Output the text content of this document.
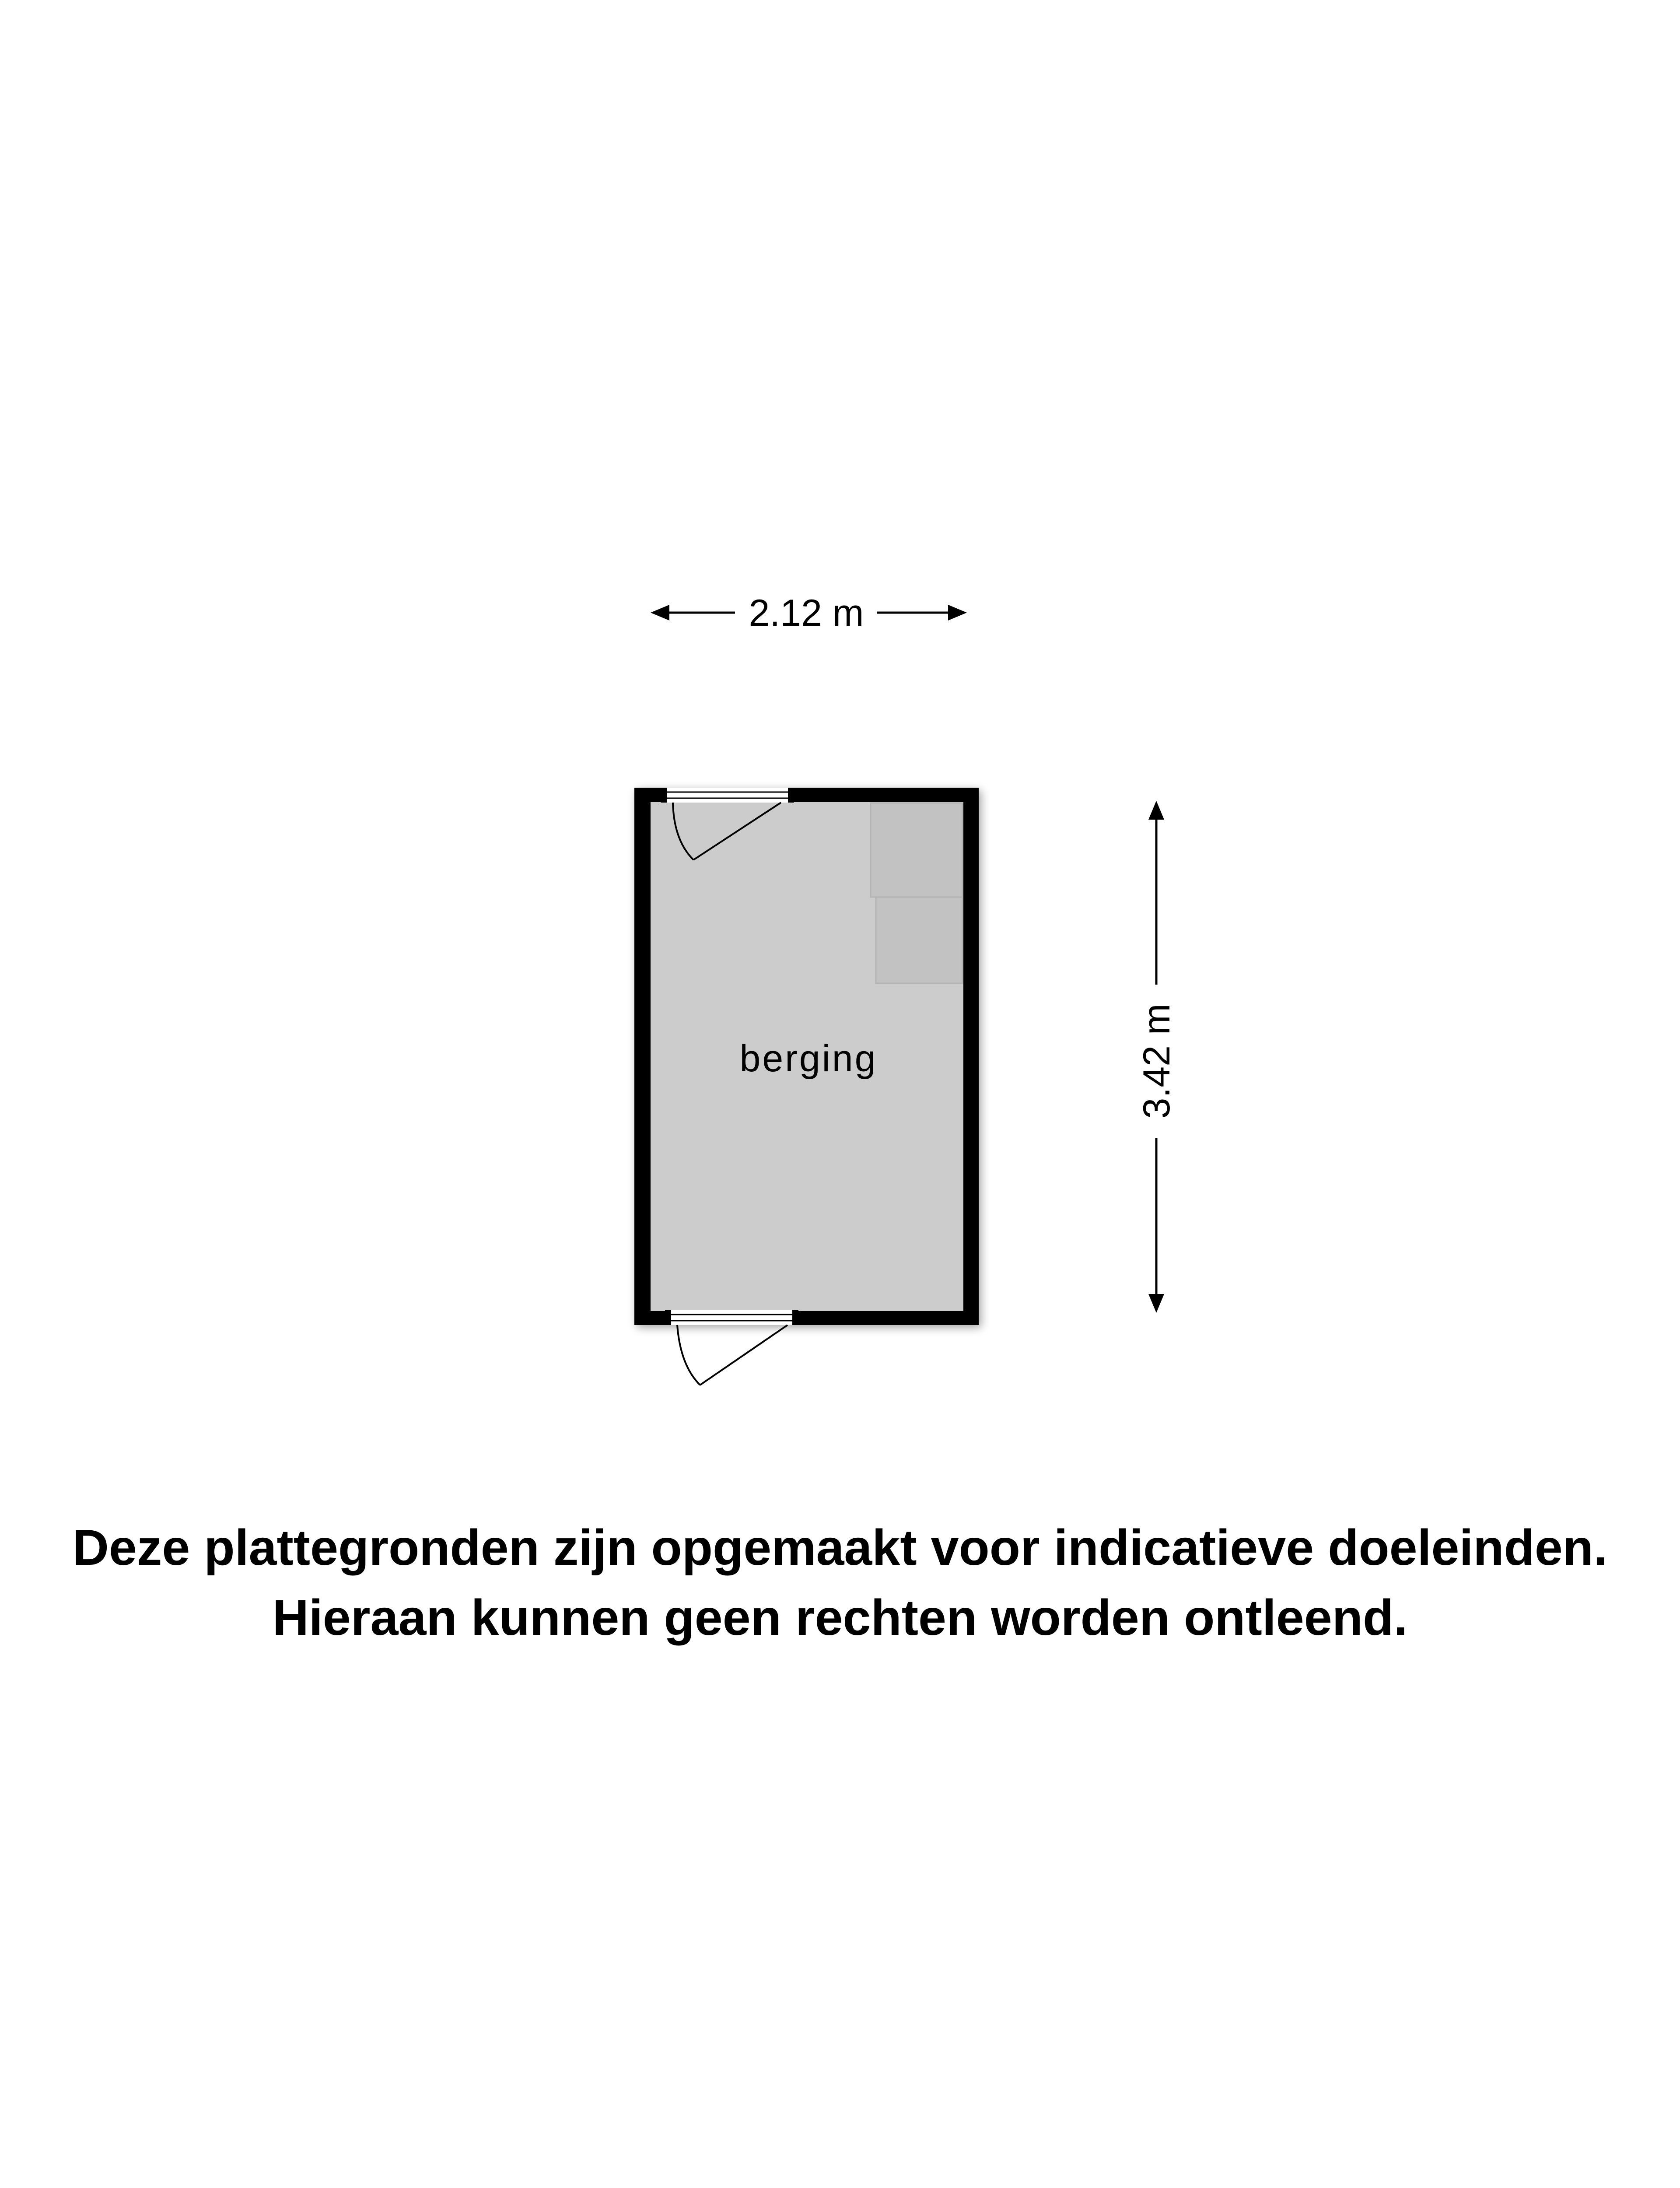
2.12 m
3.42 m
berging
Deze plattegronden zijn opgemaakt voor indicatieve doeleinden.
Hieraan kunnen geen rechten worden ontleend.
